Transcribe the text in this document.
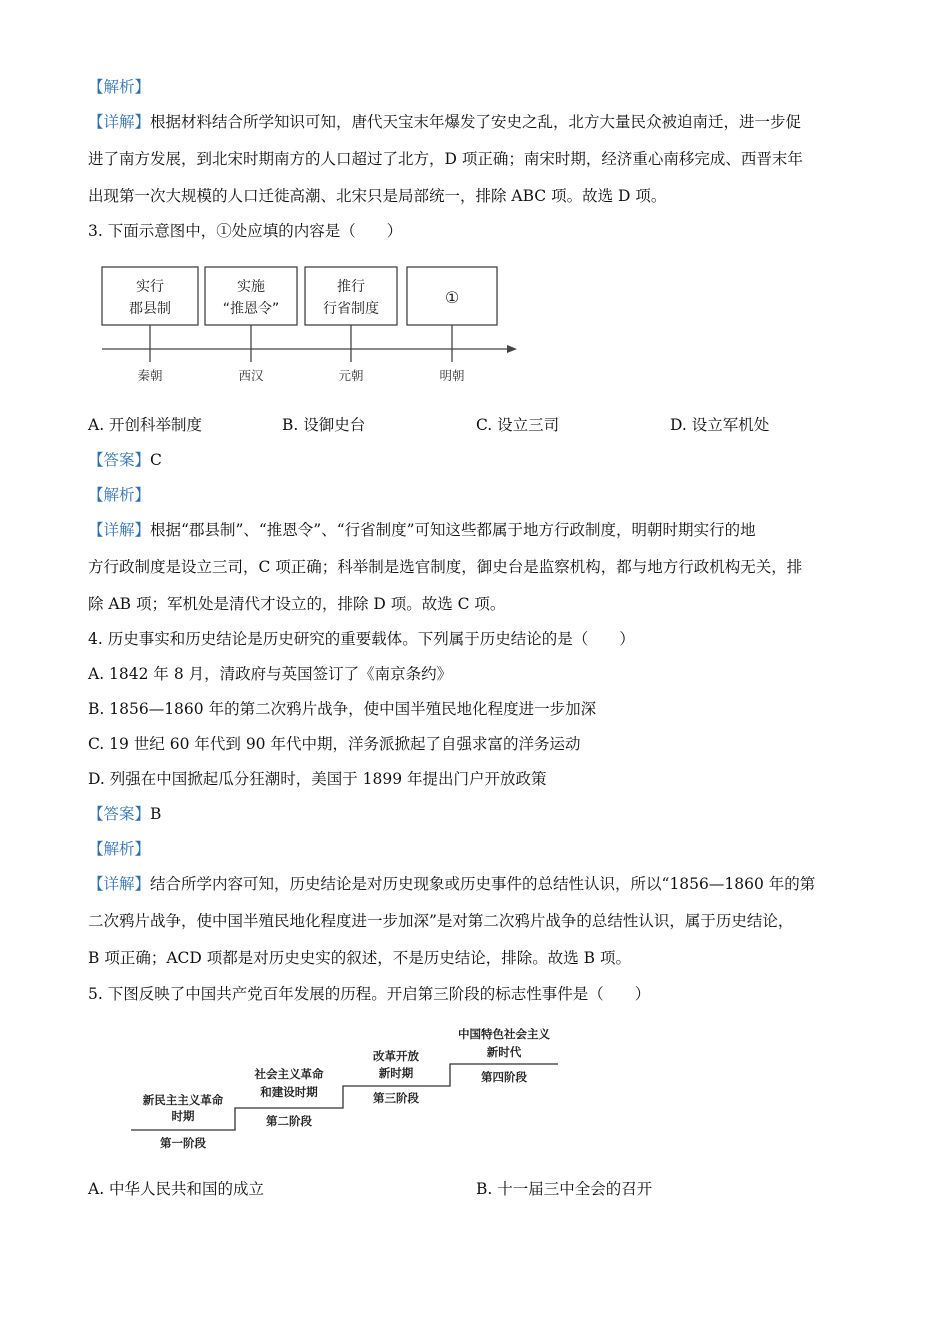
【解析】
【详解】根据材料结合所学知识可知，唐代天宝末年爆发了安史之乱，北方大量民众被迫南迁，进一步促
进了南方发展，到北宋时期南方的人口超过了北方，D 项正确；南宋时期，经济重心南移完成、西晋末年
出现第一次大规模的人口迁徙高潮、北宋只是局部统一，排除 ABC 项。故选 D 项。
3. 下面示意图中，①处应填的内容是（　　）
实行
郡县制
实施
“推恩令”
推行
行省制度
①
秦朝	西汉	元朝	明朝
A. 开创科举制度	B. 设御史台	C. 设立三司	D. 设立军机处
【答案】C
【解析】
【详解】根据“郡县制”、“推恩令”、“行省制度”可知这些都属于地方行政制度，明朝时期实行的地
方行政制度是设立三司，C 项正确；科举制是选官制度，御史台是监察机构，都与地方行政机构无关，排
除 AB 项；军机处是清代才设立的，排除 D 项。故选 C 项。
4. 历史事实和历史结论是历史研究的重要载体。下列属于历史结论的是（　　）
A. 1842 年 8 月，清政府与英国签订了《南京条约》
B. 1856—1860 年的第二次鸦片战争，使中国半殖民地化程度进一步加深
C. 19 世纪 60 年代到 90 年代中期，洋务派掀起了自强求富的洋务运动
D. 列强在中国掀起瓜分狂潮时，美国于 1899 年提出门户开放政策
【答案】B
【解析】
【详解】结合所学内容可知，历史结论是对历史现象或历史事件的总结性认识，所以“1856—1860 年的第
二次鸦片战争，使中国半殖民地化程度进一步加深”是对第二次鸦片战争的总结性认识，属于历史结论，
B 项正确；ACD 项都是对历史史实的叙述，不是历史结论，排除。故选 B 项。
5. 下图反映了中国共产党百年发展的历程。开启第三阶段的标志性事件是（　　）
新民主主义革命
时期
社会主义革命
和建设时期
改革开放
新时期
中国特色社会主义
新时代
第一阶段
第二阶段
第三阶段
第四阶段
A. 中华人民共和国的成立	B. 十一届三中全会的召开
